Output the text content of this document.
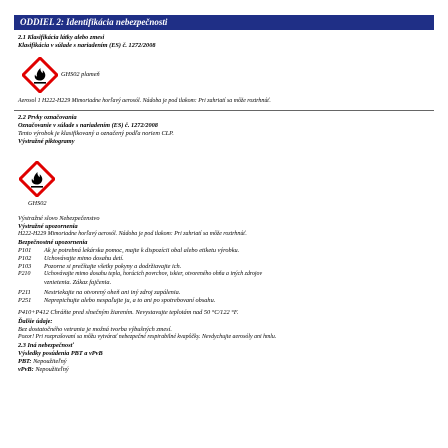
ODDIEL 2: Identifikácia nebezpečnosti
2.1 Klasifikácia látky alebo zmesi
Klasifikácia v súlade s nariadením (ES) č. 1272/2008
GHS02 plameň
Aerosol 1 H222-H229 Mimoriadne horľavý aerosól. Nádoba je pod tlakom: Pri zahriatí sa môže roztrhnúť.
2.2 Prvky označovania
Označovanie v súlade s nariadením (ES) č. 1272/2008
Tento výrobok je klasifikovaný a označený podľa noriem CLP.
Výstražné piktogramy
GHS02
Výstražné slovo Nebezpečenstvo
Výstražné upozornenia
H222-H229 Mimoriadne horľavý aerosól. Nádoba je pod tlakom: Pri zahriatí sa môže roztrhnúť.
Bezpečnostné upozornenia
P101 Ak je potrebná lekárska pomoc, majte k dispozícii obal alebo etiketu výrobku.
P102 Uchovávajte mimo dosahu detí.
P103 Pozorne si prečítajte všetky pokyny a dodržiavajte ich.
P210 Uchovávajte mimo dosahu tepla, horúcich povrchov, iskier, otvoreného ohňa a iných zdrojov
vznietenia. Zákaz fajčenia.
P211 Nestriekajte na otvorený oheň ani iný zdroj zapálenia.
P251 Neprepichujte alebo nespaľujte ju, a to ani po spotrebovaní obsahu.
P410+P412 Chráňte pred slnečným žiarením. Nevystavujte teplotám nad 50 °C/122 °F.
Ďalšie údaje:
Bez dostatočného vetrania je možná tvorba výbušných zmesí.
Pozor! Pri rozprašovaní sa môžu vytvárať nebezpečné respirabilné kvapôčky. Nevdychujte aerosóly ani hmlu.
2.3 Iná nebezpečnosť
Výsledky posúdenia PBT a vPvB
PBT: Nepoužiteľný
vPvB: Nepoužiteľný
